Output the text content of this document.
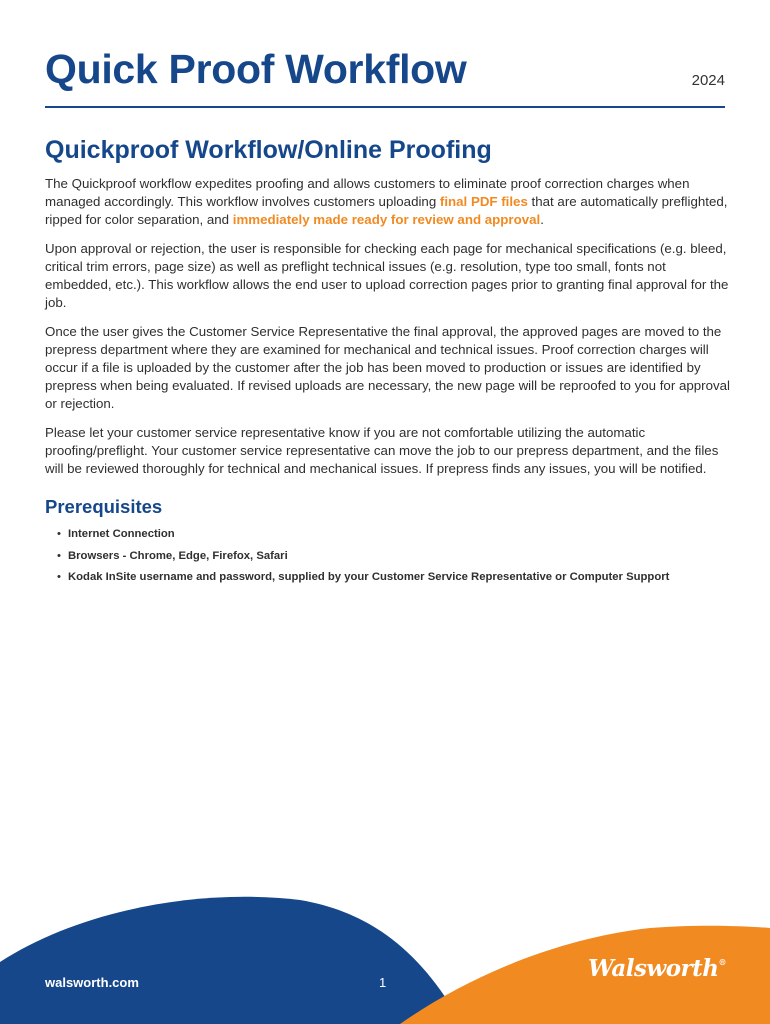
Quick Proof Workflow	2024
Quickproof Workflow/Online Proofing

The Quickproof workflow expedites proofing and allows customers to eliminate proof correction charges when managed accordingly. This workflow involves customers uploading final PDF files that are automatically preflighted, ripped for color separation, and immediately made ready for review and approval.

Upon approval or rejection, the user is responsible for checking each page for mechanical specifications (e.g. bleed, critical trim errors, page size) as well as preflight technical issues (e.g. resolution, type too small, fonts not embedded, etc.). This workflow allows the end user to upload correction pages prior to granting final approval for the job.

Once the user gives the Customer Service Representative the final approval, the approved pages are moved to the prepress department where they are examined for mechanical and technical issues. Proof correction charges will occur if a file is uploaded by the customer after the job has been moved to production or issues are identified by prepress when being evaluated. If revised uploads are necessary, the new page will be reproofed to you for approval or rejection.

Please let your customer service representative know if you are not comfortable utilizing the automatic proofing/preflight. Your customer service representative can move the job to our prepress department, and the files will be reviewed thoroughly for technical and mechanical issues. If prepress finds any issues, you will be notified.

Prerequisites
• Internet Connection
• Browsers - Chrome, Edge, Firefox, Safari
• Kodak InSite username and password, supplied by your Customer Service Representative or Computer Support
walsworth.com	1
Walsworth®
